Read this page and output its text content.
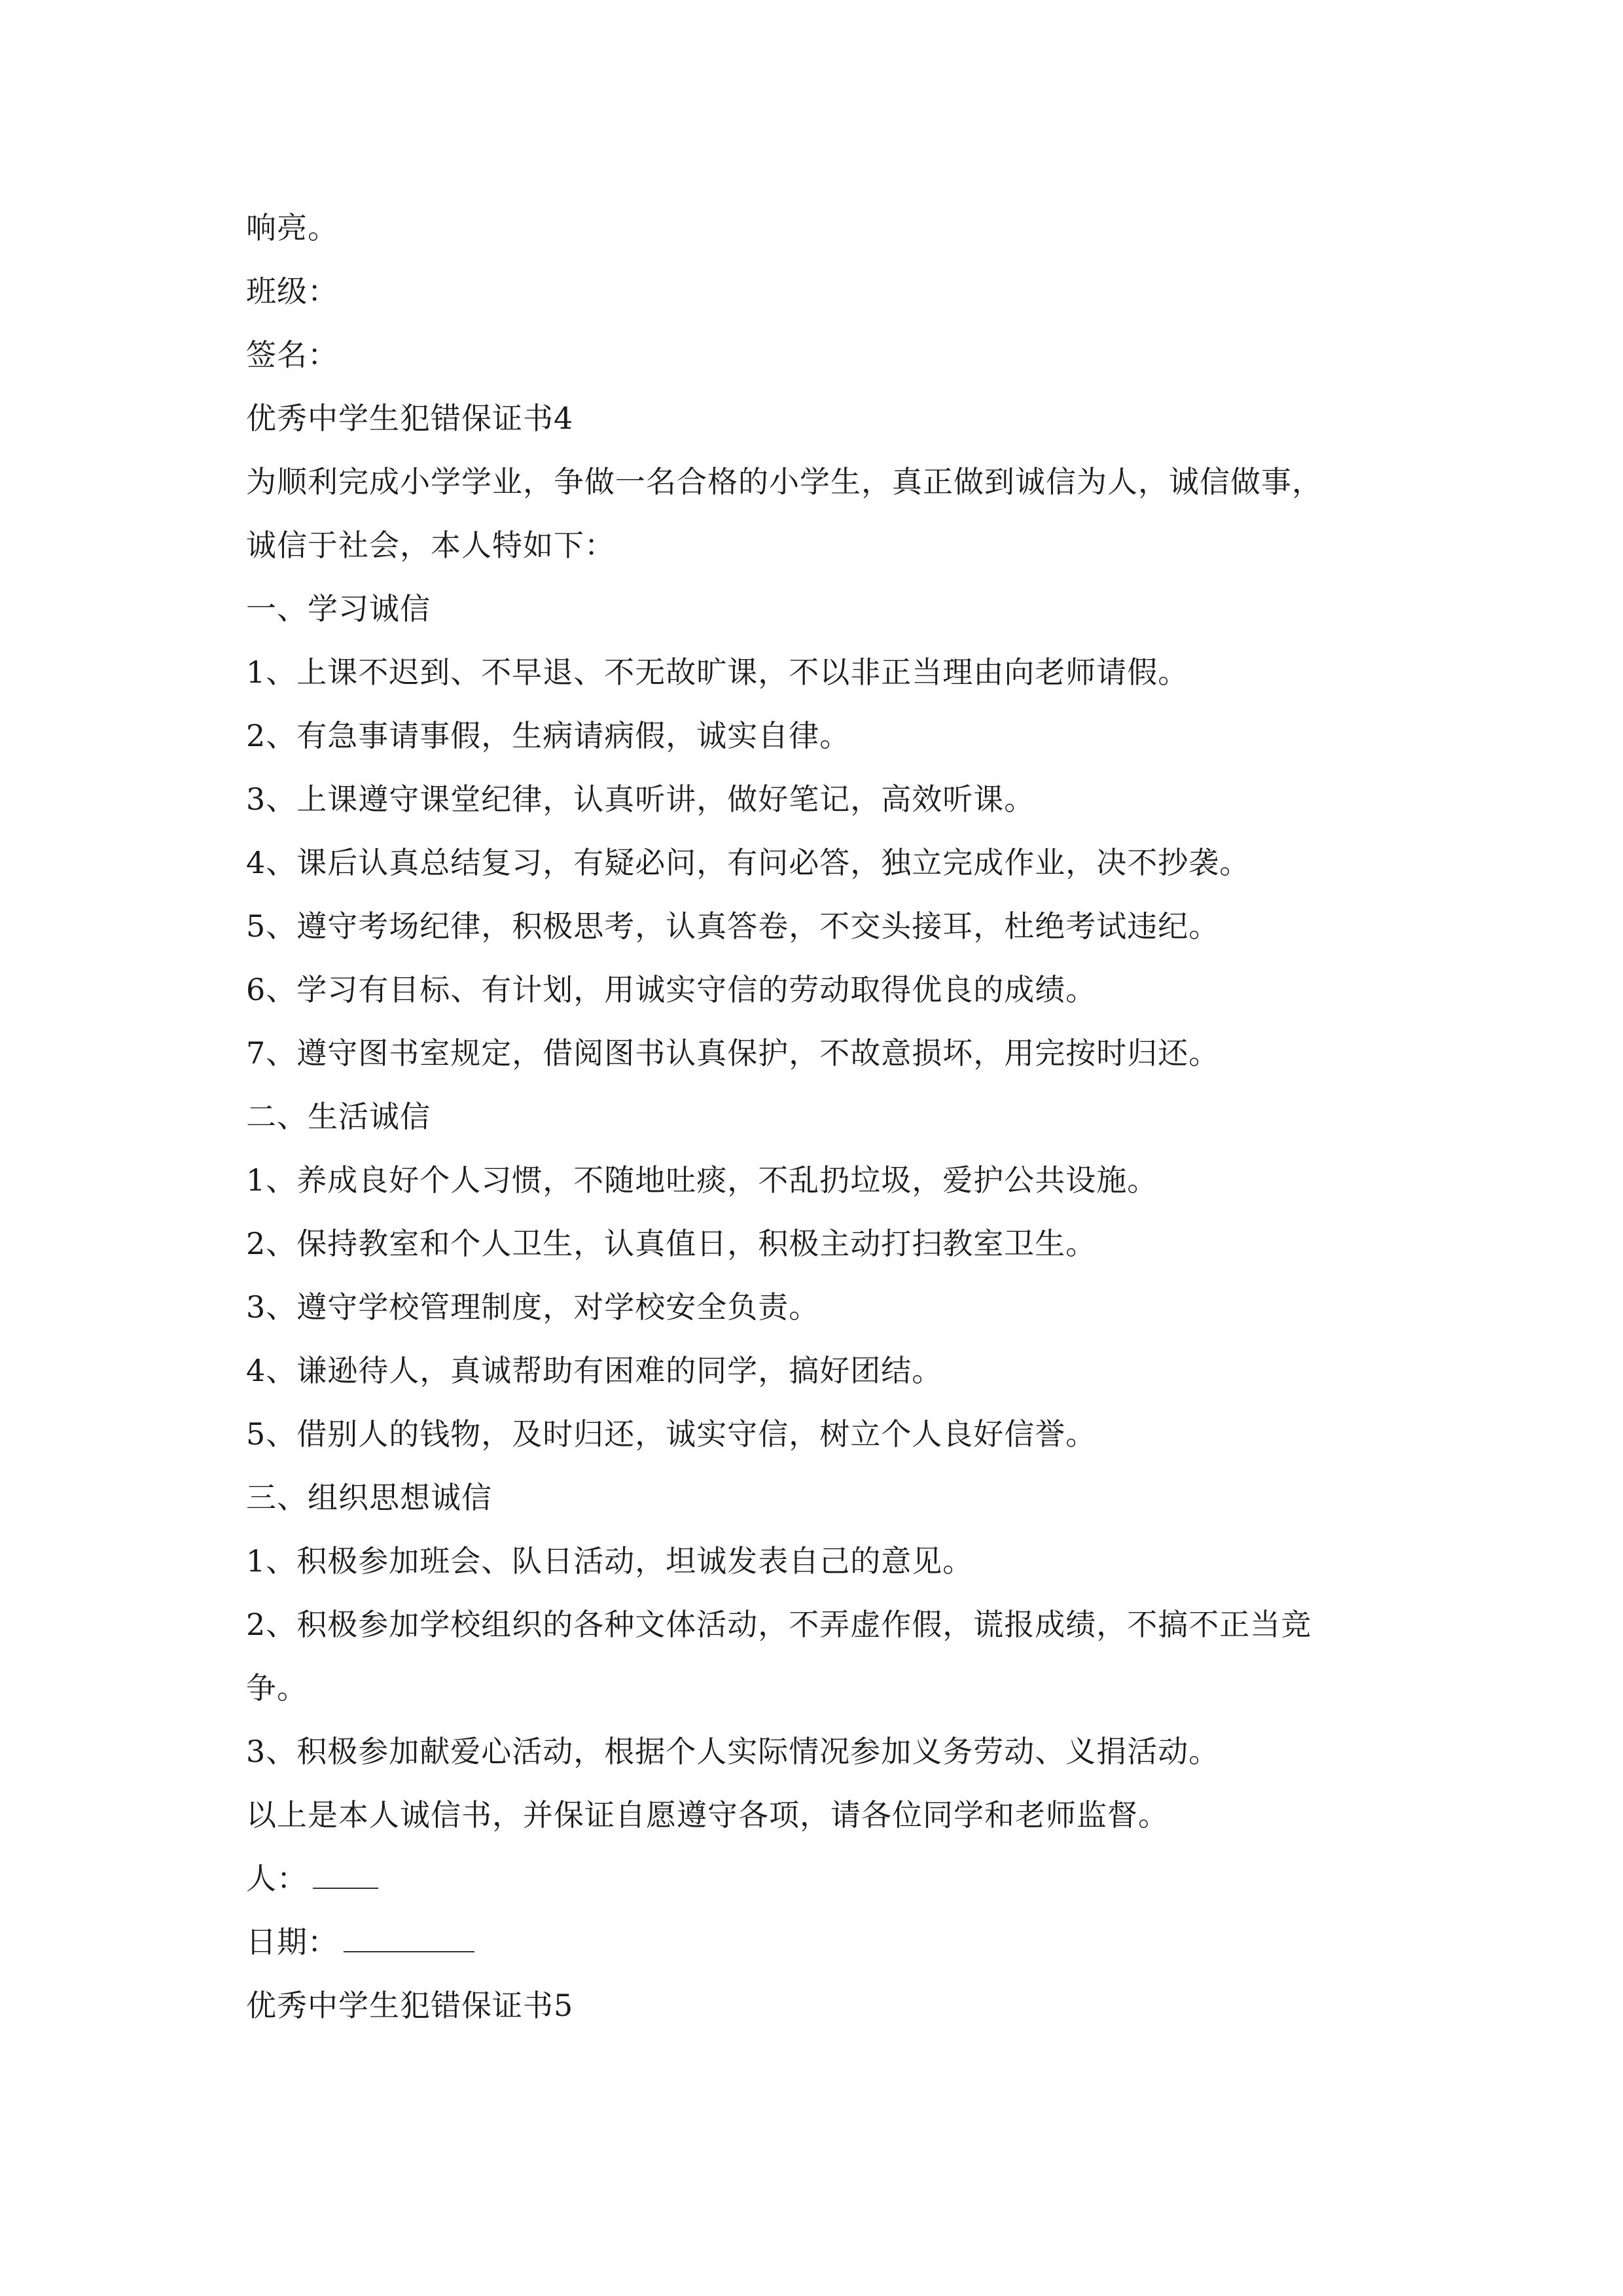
响亮。

班级：

签名：

优秀中学生犯错保证书4

为顺利完成小学学业，争做一名合格的小学生，真正做到诚信为人，诚信做事，

诚信于社会，本人特如下：

一、学习诚信

1、上课不迟到、不早退、不无故旷课，不以非正当理由向老师请假。

2、有急事请事假，生病请病假，诚实自律。

3、上课遵守课堂纪律，认真听讲，做好笔记，高效听课。

4、课后认真总结复习，有疑必问，有问必答，独立完成作业，决不抄袭。

5、遵守考场纪律，积极思考，认真答卷，不交头接耳，杜绝考试违纪。

6、学习有目标、有计划，用诚实守信的劳动取得优良的成绩。

7、遵守图书室规定，借阅图书认真保护，不故意损坏，用完按时归还。

二、生活诚信

1、养成良好个人习惯，不随地吐痰，不乱扔垃圾，爱护公共设施。

2、保持教室和个人卫生，认真值日，积极主动打扫教室卫生。

3、遵守学校管理制度，对学校安全负责。

4、谦逊待人，真诚帮助有困难的同学，搞好团结。

5、借别人的钱物，及时归还，诚实守信，树立个人良好信誉。

三、组织思想诚信

1、积极参加班会、队日活动，坦诚发表自己的意见。

2、积极参加学校组织的各种文体活动，不弄虚作假，谎报成绩，不搞不正当竞

争。

3、积极参加献爱心活动，根据个人实际情况参加义务劳动、义捐活动。

以上是本人诚信书，并保证自愿遵守各项，请各位同学和老师监督。

人：

日期：

优秀中学生犯错保证书5
